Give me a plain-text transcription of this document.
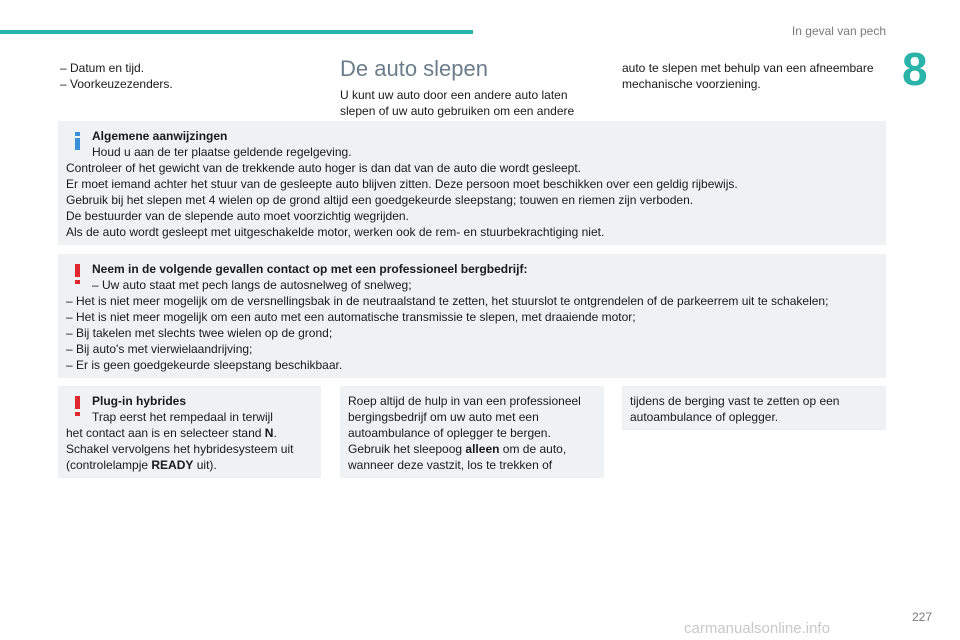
In geval van pech
8
– Datum en tijd.
– Voorkeuzezenders.
De auto slepen
U kunt uw auto door een andere auto laten
slepen of uw auto gebruiken om een andere
auto te slepen met behulp van een afneembare
mechanische voorziening.

Algemene aanwijzingen

Houd u aan de ter plaatse geldende regelgeving.

Controleer of het gewicht van de trekkende auto hoger is dan dat van de auto die wordt gesleept.

Er moet iemand achter het stuur van de gesleepte auto blijven zitten. Deze persoon moet beschikken over een geldig rijbewijs.

Gebruik bij het slepen met 4 wielen op de grond altijd een goedgekeurde sleepstang; touwen en riemen zijn verboden.

De bestuurder van de slepende auto moet voorzichtig wegrijden.

Als de auto wordt gesleept met uitgeschakelde motor, werken ook de rem- en stuurbekrachtiging niet.

Neem in de volgende gevallen contact op met een professioneel bergbedrijf:

– Uw auto staat met pech langs de autosnelweg of snelweg;

– Het is niet meer mogelijk om de versnellingsbak in de neutraalstand te zetten, het stuurslot te ontgrendelen of de parkeerrem uit te schakelen;

– Het is niet meer mogelijk om een auto met een automatische transmissie te slepen, met draaiende motor;

– Bij takelen met slechts twee wielen op de grond;

– Bij auto's met vierwielaandrijving;

– Er is geen goedgekeurde sleepstang beschikbaar.

Plug-in hybrides

Trap eerst het rempedaal in terwijl

het contact aan is en selecteer stand N.

Schakel vervolgens het hybridesysteem uit

(controlelampje READY uit).

Roep altijd de hulp in van een professioneel

bergingsbedrijf om uw auto met een

autoambulance of oplegger te bergen.

Gebruik het sleepoog alleen om de auto,

wanneer deze vastzit, los te trekken of

tijdens de berging vast te zetten op een

autoambulance of oplegger.

227
carmanualsonline.info
